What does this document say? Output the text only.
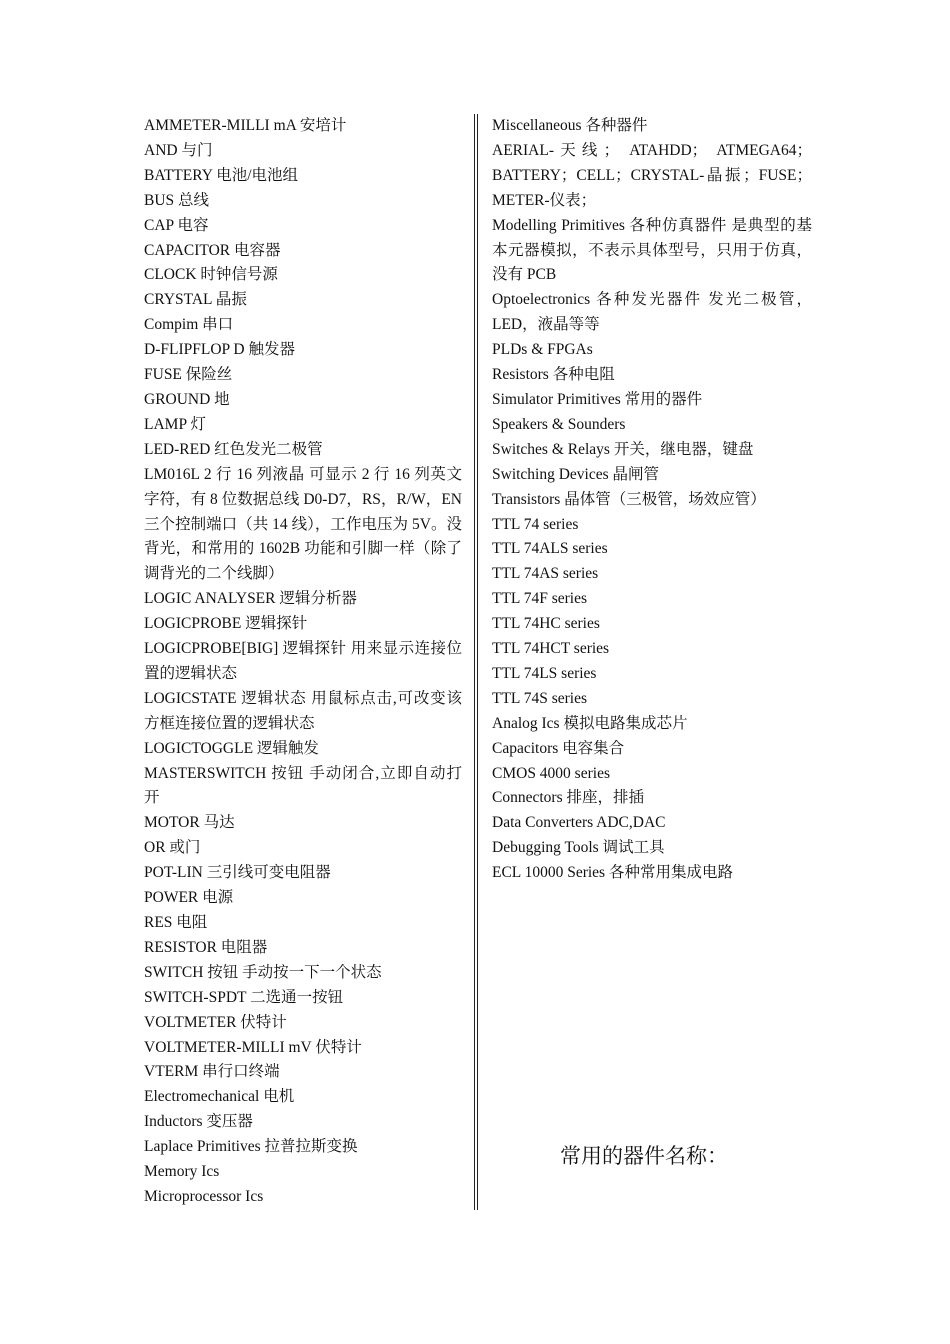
AMMETER-MILLI mA 安培计

AND 与门

BATTERY 电池/电池组

BUS 总线

CAP 电容

CAPACITOR 电容器

CLOCK 时钟信号源

CRYSTAL 晶振

Compim 串口

D-FLIPFLOP D 触发器

FUSE 保险丝

GROUND 地

LAMP 灯

LED-RED 红色发光二极管

LM016L 2 行 16 列液晶 可显示 2 行 16 列英文字符，有 8 位数据总线 D0-D7，RS，R/W，EN 三个控制端口（共 14 线），工作电压为 5V。没背光，和常用的 1602B 功能和引脚一样（除了调背光的二个线脚）

LOGIC ANALYSER 逻辑分析器

LOGICPROBE 逻辑探针

LOGICPROBE[BIG] 逻辑探针 用来显示连接位置的逻辑状态

LOGICSTATE 逻辑状态 用鼠标点击,可改变该方框连接位置的逻辑状态

LOGICTOGGLE 逻辑触发

MASTERSWITCH 按钮 手动闭合,立即自动打开

MOTOR 马达

OR 或门

POT-LIN 三引线可变电阻器

POWER 电源

RES 电阻

RESISTOR 电阻器

SWITCH 按钮 手动按一下一个状态

SWITCH-SPDT 二选通一按钮

VOLTMETER 伏特计

VOLTMETER-MILLI mV 伏特计

VTERM 串行口终端

Electromechanical 电机

Inductors 变压器

Laplace Primitives 拉普拉斯变换

Memory Ics

Microprocessor Ics

Miscellaneous 各种器件

AERIAL-天线； ATAHDD； ATMEGA64；BATTERY；CELL；CRYSTAL-晶振；FUSE；METER-仪表；

Modelling Primitives 各种仿真器件 是典型的基本元器模拟，不表示具体型号，只用于仿真，没有 PCB

Optoelectronics 各种发光器件 发光二极管，LED，液晶等等

PLDs & FPGAs

Resistors 各种电阻

Simulator Primitives 常用的器件

Speakers & Sounders

Switches & Relays 开关，继电器，键盘

Switching Devices 晶闸管

Transistors 晶体管（三极管，场效应管）

TTL 74 series

TTL 74ALS series

TTL 74AS series

TTL 74F series

TTL 74HC series

TTL 74HCT series

TTL 74LS series

TTL 74S series

Analog Ics 模拟电路集成芯片

Capacitors 电容集合

CMOS 4000 series

Connectors 排座，排插

Data Converters ADC,DAC

Debugging Tools 调试工具

ECL 10000 Series 各种常用集成电路

常用的器件名称：
